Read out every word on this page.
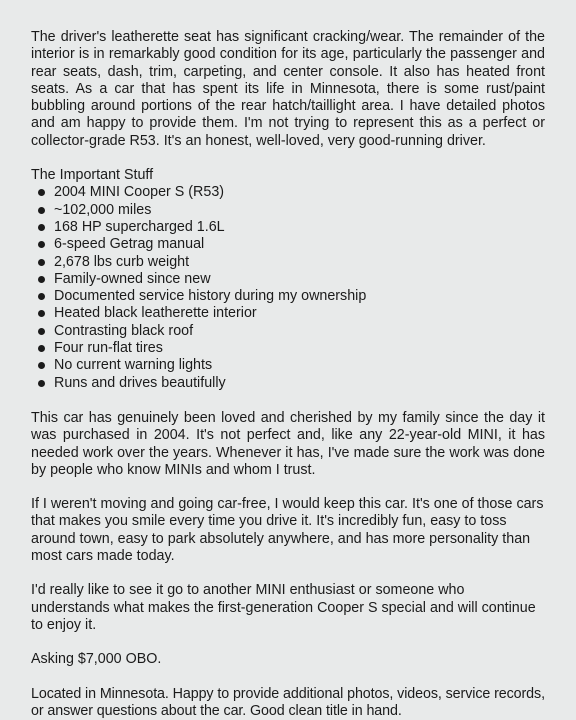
The driver's leatherette seat has significant cracking/wear. The remainder of the interior is in remarkably good condition for its age, particularly the passenger and rear seats, dash, trim, carpeting, and center console. It also has heated front seats. As a car that has spent its life in Minnesota, there is some rust/paint bubbling around portions of the rear hatch/taillight area. I have detailed photos and am happy to provide them. I'm not trying to represent this as a perfect or collector-grade R53. It's an honest, well-loved, very good-running driver.

The Important Stuff

2004 MINI Cooper S (R53)
~102,000 miles
168 HP supercharged 1.6L
6-speed Getrag manual
2,678 lbs curb weight
Family-owned since new
Documented service history during my ownership
Heated black leatherette interior
Contrasting black roof
Four run-flat tires
No current warning lights
Runs and drives beautifully

This car has genuinely been loved and cherished by my family since the day it was purchased in 2004. It's not perfect and, like any 22-year-old MINI, it has needed work over the years. Whenever it has, I've made sure the work was done by people who know MINIs and whom I trust.

If I weren't moving and going car-free, I would keep this car. It's one of those cars that makes you smile every time you drive it. It's incredibly fun, easy to toss around town, easy to park absolutely anywhere, and has more personality than most cars made today.

I'd really like to see it go to another MINI enthusiast or someone who understands what makes the first-generation Cooper S special and will continue to enjoy it.

Asking $7,000 OBO.

Located in Minnesota. Happy to provide additional photos, videos, service records, or answer questions about the car. Good clean title in hand.
